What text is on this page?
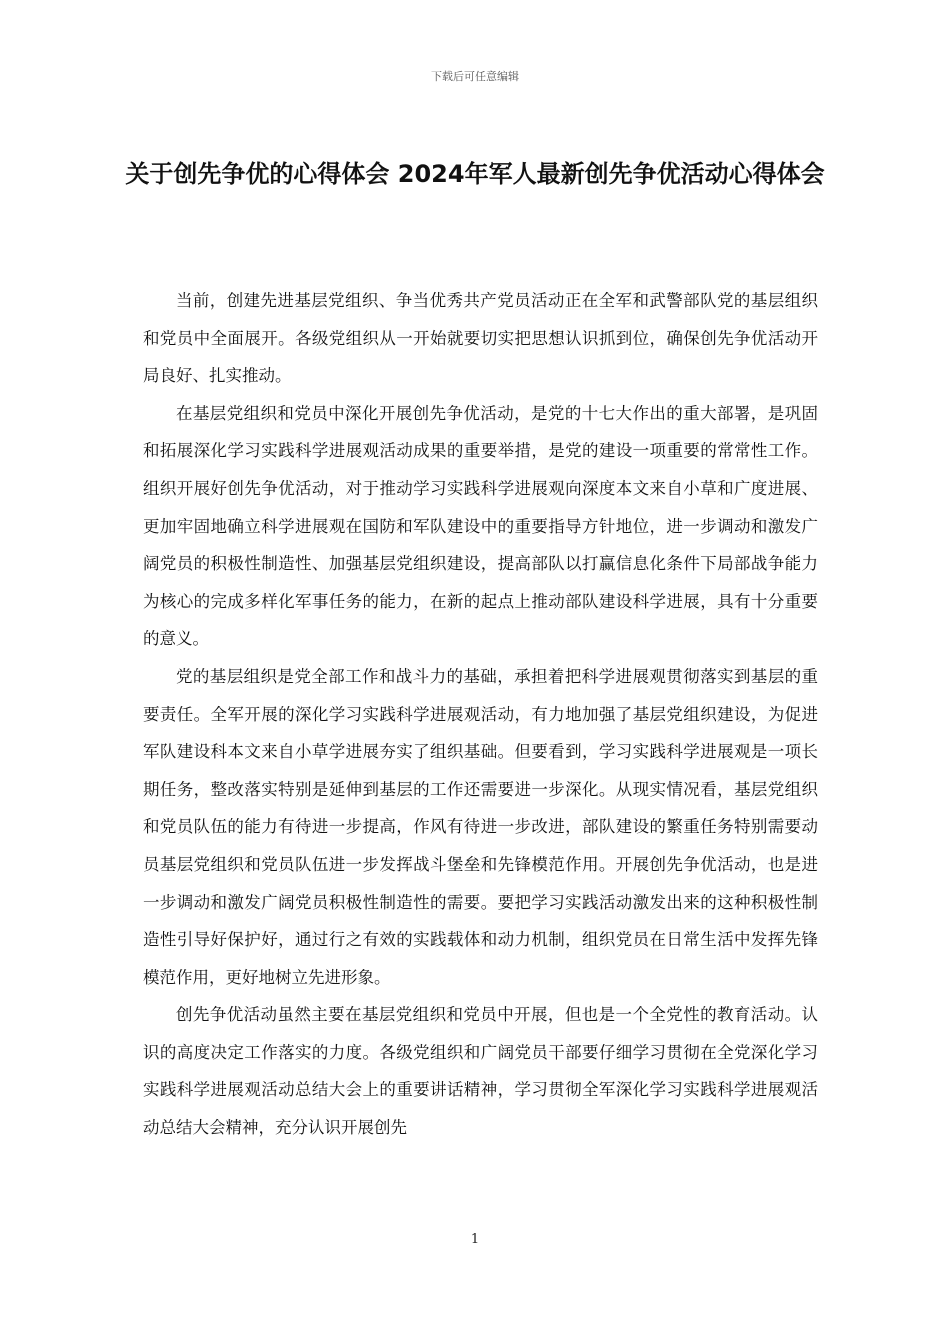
下载后可任意编辑
关于创先争优的心得体会 2024年军人最新创先争优活动心得体会

当前，创建先进基层党组织、争当优秀共产党员活动正在全军和武警部队党的基层组织和党员中全面展开。各级党组织从一开始就要切实把思想认识抓到位，确保创先争优活动开局良好、扎实推动。

在基层党组织和党员中深化开展创先争优活动，是党的十七大作出的重大部署，是巩固和拓展深化学习实践科学进展观活动成果的重要举措，是党的建设一项重要的常常性工作。组织开展好创先争优活动，对于推动学习实践科学进展观向深度本文来自小草和广度进展、更加牢固地确立科学进展观在国防和军队建设中的重要指导方针地位，进一步调动和激发广阔党员的积极性制造性、加强基层党组织建设，提高部队以打赢信息化条件下局部战争能力为核心的完成多样化军事任务的能力，在新的起点上推动部队建设科学进展，具有十分重要的意义。

党的基层组织是党全部工作和战斗力的基础，承担着把科学进展观贯彻落实到基层的重要责任。全军开展的深化学习实践科学进展观活动，有力地加强了基层党组织建设，为促进军队建设科本文来自小草学进展夯实了组织基础。但要看到，学习实践科学进展观是一项长期任务，整改落实特别是延伸到基层的工作还需要进一步深化。从现实情况看，基层党组织和党员队伍的能力有待进一步提高，作风有待进一步改进，部队建设的繁重任务特别需要动员基层党组织和党员队伍进一步发挥战斗堡垒和先锋模范作用。开展创先争优活动，也是进一步调动和激发广阔党员积极性制造性的需要。要把学习实践活动激发出来的这种积极性制造性引导好保护好，通过行之有效的实践载体和动力机制，组织党员在日常生活中发挥先锋模范作用，更好地树立先进形象。

创先争优活动虽然主要在基层党组织和党员中开展，但也是一个全党性的教育活动。认识的高度决定工作落实的力度。各级党组织和广阔党员干部要仔细学习贯彻在全党深化学习实践科学进展观活动总结大会上的重要讲话精神，学习贯彻全军深化学习实践科学进展观活动总结大会精神，充分认识开展创先

1
